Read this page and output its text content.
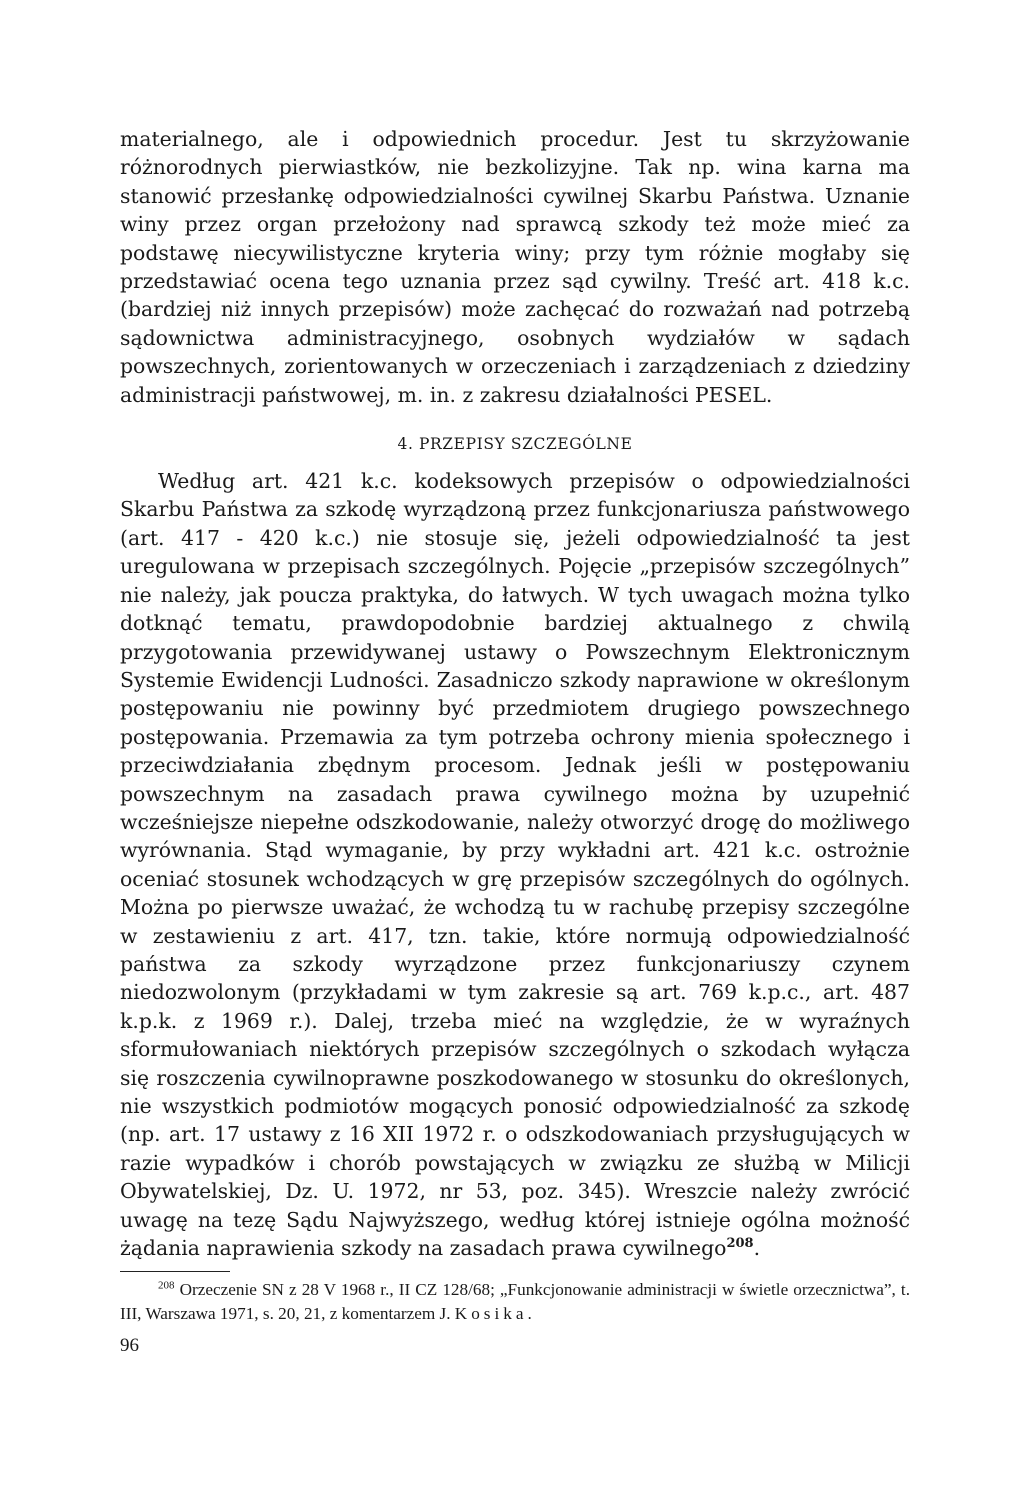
materialnego, ale i odpowiednich procedur. Jest tu skrzyżowanie różnorodnych pierwiastków, nie bezkolizyjne. Tak np. wina karna ma stanowić przesłankę odpowiedzialności cywilnej Skarbu Państwa. Uznanie winy przez organ przełożony nad sprawcą szkody też może mieć za podstawę niecywilistyczne kryteria winy; przy tym różnie mogłaby się przedstawiać ocena tego uznania przez sąd cywilny. Treść art. 418 k.c. (bardziej niż innych przepisów) może zachęcać do rozważań nad potrzebą sądownictwa administracyjnego, osobnych wydziałów w sądach powszechnych, zorientowanych w orzeczeniach i zarządzeniach z dziedziny administracji państwowej, m. in. z zakresu działalności PESEL.

4. PRZEPISY SZCZEGÓLNE

Według art. 421 k.c. kodeksowych przepisów o odpowiedzialności Skarbu Państwa za szkodę wyrządzoną przez funkcjonariusza państwowego (art. 417 - 420 k.c.) nie stosuje się, jeżeli odpowiedzialność ta jest uregulowana w przepisach szczególnych. Pojęcie „przepisów szczególnych” nie należy, jak poucza praktyka, do łatwych. W tych uwagach można tylko dotknąć tematu, prawdopodobnie bardziej aktualnego z chwilą przygotowania przewidywanej ustawy o Powszechnym Elektronicznym Systemie Ewidencji Ludności. Zasadniczo szkody naprawione w określonym postępowaniu nie powinny być przedmiotem drugiego powszechnego postępowania. Przemawia za tym potrzeba ochrony mienia społecznego i przeciwdziałania zbędnym procesom. Jednak jeśli w postępowaniu powszechnym na zasadach prawa cywilnego można by uzupełnić wcześniejsze niepełne odszkodowanie, należy otworzyć drogę do możliwego wyrównania. Stąd wymaganie, by przy wykładni art. 421 k.c. ostrożnie oceniać stosunek wchodzących w grę przepisów szczególnych do ogólnych. Można po pierwsze uważać, że wchodzą tu w rachubę przepisy szczególne w zestawieniu z art. 417, tzn. takie, które normują odpowiedzialność państwa za szkody wyrządzone przez funkcjonariuszy czynem niedozwolonym (przykładami w tym zakresie są art. 769 k.p.c., art. 487 k.p.k. z 1969 r.). Dalej, trzeba mieć na względzie, że w wyraźnych sformułowaniach niektórych przepisów szczególnych o szkodach wyłącza się roszczenia cywilnoprawne poszkodowanego w stosunku do określonych, nie wszystkich podmiotów mogących ponosić odpowiedzialność za szkodę (np. art. 17 ustawy z 16 XII 1972 r. o odszkodowaniach przysługujących w razie wypadków i chorób powstających w związku ze służbą w Milicji Obywatelskiej, Dz. U. 1972, nr 53, poz. 345). Wreszcie należy zwrócić uwagę na tezę Sądu Najwyższego, według której istnieje ogólna możność żądania naprawienia szkody na zasadach prawa cywilnego$^{208}$.

$^{208}$ Orzeczenie SN z 28 V 1968 r., II CZ 128/68; „Funkcjonowanie administracji w świetle orzecznictwa”, t. III, Warszawa 1971, s. 20, 21, z komentarzem J. Kosika.

96
